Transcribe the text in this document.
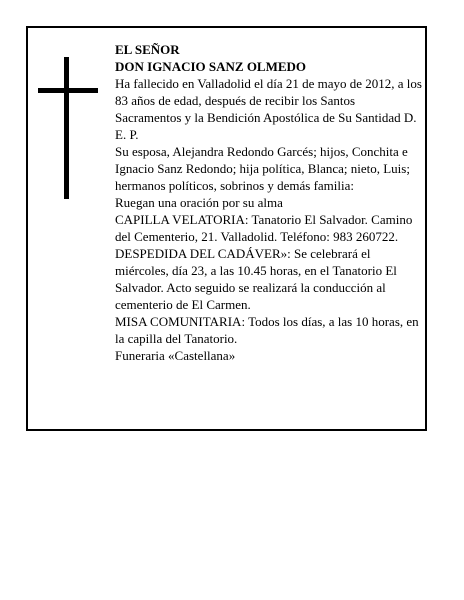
EL SEÑOR

DON IGNACIO SANZ OLMEDO

Ha fallecido en Valladolid el día 21 de mayo de 2012, a los 83 años de edad, después de recibir los Santos Sacramentos y la Bendición Apostólica de Su Santidad D. E. P.

Su esposa, Alejandra Redondo Garcés; hijos, Conchita e Ignacio Sanz Redondo; hija política, Blanca; nieto, Luis; hermanos políticos, sobrinos y demás familia:

Ruegan una oración por su alma

CAPILLA VELATORIA: Tanatorio El Salvador. Camino del Cementerio, 21. Valladolid. Teléfono: 983 260722.

DESPEDIDA DEL CADÁVER»: Se celebrará el miércoles, día 23, a las 10.45 horas, en el Tanatorio El Salvador. Acto seguido se realizará la conducción al cementerio de El Carmen.

MISA COMUNITARIA: Todos los días, a las 10 horas, en la capilla del Tanatorio.

Funeraria «Castellana»
